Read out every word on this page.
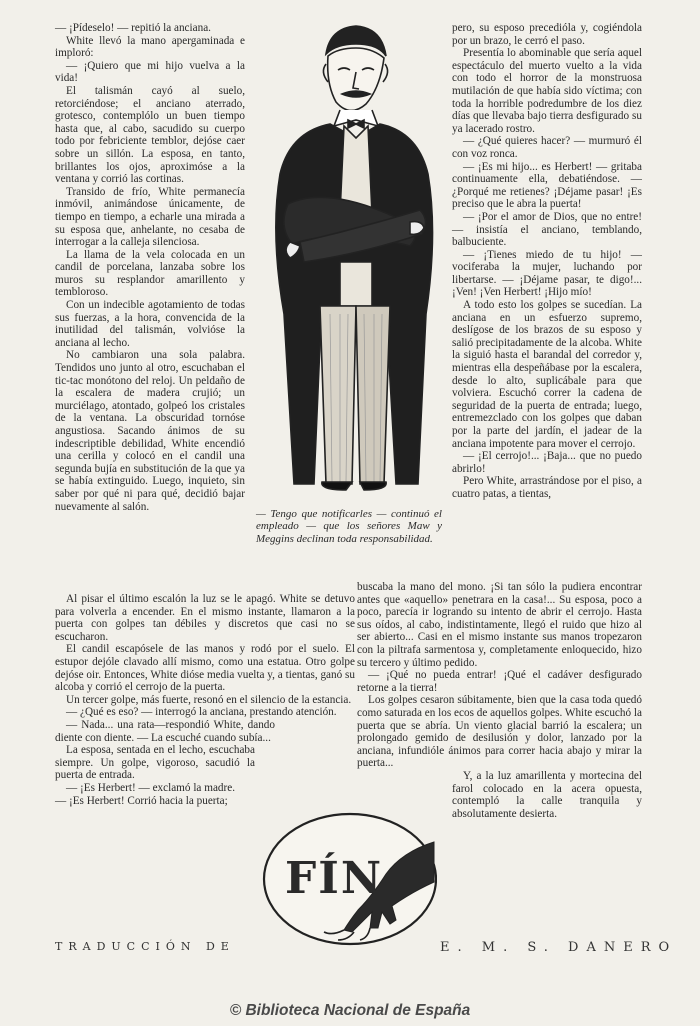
— ¡Pídeselo! — repitió la anciana.

White llevó la mano apergaminada e imploró:

— ¡Quiero que mi hijo vuelva a la vida!

El talismán cayó al suelo, retorciéndose; el anciano aterrado, grotesco, contemplólo un buen tiempo hasta que, al cabo, sacudido su cuerpo todo por febriciente temblor, dejóse caer sobre un sillón. La esposa, en tanto, brillantes los ojos, aproximóse a la ventana y corrió las cortinas.

Transido de frío, White permanecía inmóvil, animándose únicamente, de tiempo en tiempo, a echarle una mirada a su esposa que, anhelante, no cesaba de interrogar a la calleja silenciosa.

La llama de la vela colocada en un candil de porcelana, lanzaba sobre los muros su resplandor amarillento y tembloroso.

Con un indecible agotamiento de todas sus fuerzas, a la hora, convencida de la inutilidad del talismán, volvióse la anciana al lecho.

No cambiaron una sola palabra. Tendidos uno junto al otro, escuchaban el tic-tac monótono del reloj. Un peldaño de la escalera de madera crujió; un murciélago, atontado, golpeó los cristales de la ventana. La obscuridad tornóse angustiosa. Sacando ánimos de su indescriptible debilidad, White encendió una cerilla y colocó en el candil una segunda bujía en substitución de la que ya se había extinguido. Luego, inquieto, sin saber por qué ni para qué, decidió bajar nuevamente al salón.

— Tengo que notificarles — continuó el empleado — que los señores Maw y Meggins declinan toda responsabilidad.

pero, su esposo precedióla y, cogiéndola por un brazo, le cerró el paso.

Presentía lo abominable que sería aquel espectáculo del muerto vuelto a la vida con todo el horror de la monstruosa mutilación de que había sido víctima; con toda la horrible podredumbre de los diez días que llevaba bajo tierra desfigurado su ya lacerado rostro.

— ¿Qué quieres hacer? — murmuró él con voz ronca.

— ¡Es mi hijo... es Herbert! — gritaba continuamente ella, debatiéndose. — ¿Porqué me retienes? ¡Déjame pasar! ¡Es preciso que le abra la puerta!

— ¡Por el amor de Dios, que no entre! — insistía el anciano, temblando, balbuciente.

— ¡Tienes miedo de tu hijo! — vociferaba la mujer, luchando por libertarse. — ¡Déjame pasar, te digo!... ¡Ven! ¡Ven Herbert! ¡Hijo mío!

A todo esto los golpes se sucedían. La anciana en un esfuerzo supremo, deslígose de los brazos de su esposo y salió precipitadamente de la alcoba. White la siguió hasta el barandal del corredor y, mientras ella despeñábase por la escalera, desde lo alto, suplicábale para que volviera. Escuchó correr la cadena de seguridad de la puerta de entrada; luego, entremezclado con los golpes que daban por la parte del jardín, el jadear de la anciana impotente para mover el cerrojo.

— ¡El cerrojo!... ¡Baja... que no puedo abrirlo!

Pero White, arrastrándose por el piso, a cuatro patas, a tientas,

Al pisar el último escalón la luz se le apagó. White se detuvo para volverla a encender. En el mismo instante, llamaron a la puerta con golpes tan débiles y discretos que casi no se escucharon.

El candil escapósele de las manos y rodó por el suelo. El estupor dejóle clavado allí mismo, como una estatua. Otro golpe dejóse oir. Entonces, White dióse media vuelta y, a tientas, ganó su alcoba y corrió el cerrojo de la puerta.

Un tercer golpe, más fuerte, resonó en el silencio de la estancia.

— ¿Qué es eso? — interrogó la anciana, prestando atención.

— Nada... una rata—respondió White, dando diente con diente. — La escuché cuando subía...

La esposa, sentada en el lecho, escuchaba siempre. Un golpe, vigoroso, sacudió la puerta de entrada.

— ¡Es Herbert! — exclamó la madre. — ¡Es Herbert! Corrió hacia la puerta;

buscaba la mano del mono. ¡Si tan sólo la pudiera encontrar antes que «aquello» penetrara en la casa!... Su esposa, poco a poco, parecía ir logrando su intento de abrir el cerrojo. Hasta sus oídos, al cabo, indistintamente, llegó el ruido que hizo al ser abierto... Casi en el mismo instante sus manos tropezaron con la piltrafa sarmentosa y, completamente enloquecido, hizo su tercero y último pedido.

— ¡Qué no pueda entrar! ¡Qué el cadáver desfigurado retorne a la tierra!

Los golpes cesaron súbitamente, bien que la casa toda quedó como saturada en los ecos de aquellos golpes. White escuchó la puerta que se abría. Un viento glacial barrió la escalera; un prolongado gemido de desilusión y dolor, lanzado por la anciana, infundióle ánimos para correr hacia abajo y mirar la puerta...

Y, a la luz amarillenta y mortecina del farol colocado en la acera opuesta, contempló la calle tranquila y absolutamente desierta.

FÍN
TRADUCCIÓN DE	E. M. S. DANERO
© Biblioteca Nacional de España
